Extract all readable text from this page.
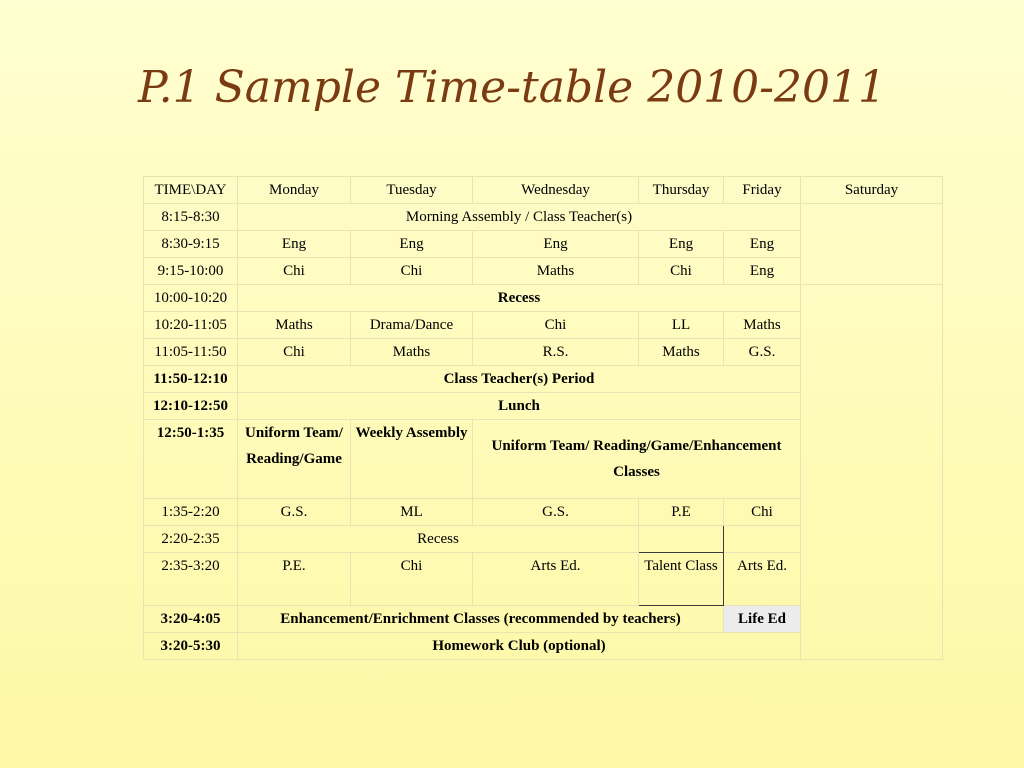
P.1 Sample Time-table 2010-2011
TIME\DAY	Monday	Tuesday	Wednesday	Thursday	Friday	Saturday
8:15-8:30	Morning Assembly / Class Teacher(s)					
8:30-9:15	Eng	Eng	Eng	Eng	Eng	
9:15-10:00	Chi	Chi	Maths	Chi	Eng	
10:00-10:20	Recess					
10:20-11:05	Maths	Drama/Dance	Chi	LL	Maths	
11:05-11:50	Chi	Maths	R.S.	Maths	G.S.	
11:50-12:10	Class Teacher(s) Period					
12:10-12:50	Lunch					
12:50-1:35	Uniform Team/ Reading/Game	Weekly Assembly	Uniform Team/ Reading/Game/Enhancement Classes			
1:35-2:20	G.S.	ML	G.S.	P.E	Chi	
2:20-2:35	Recess					
2:35-3:20	P.E.	Chi	Arts Ed.	Talent Class	Arts Ed.	
3:20-4:05	Enhancement/Enrichment Classes (recommended by teachers)				Life Ed	
3:20-5:30	Homework Club (optional)					
